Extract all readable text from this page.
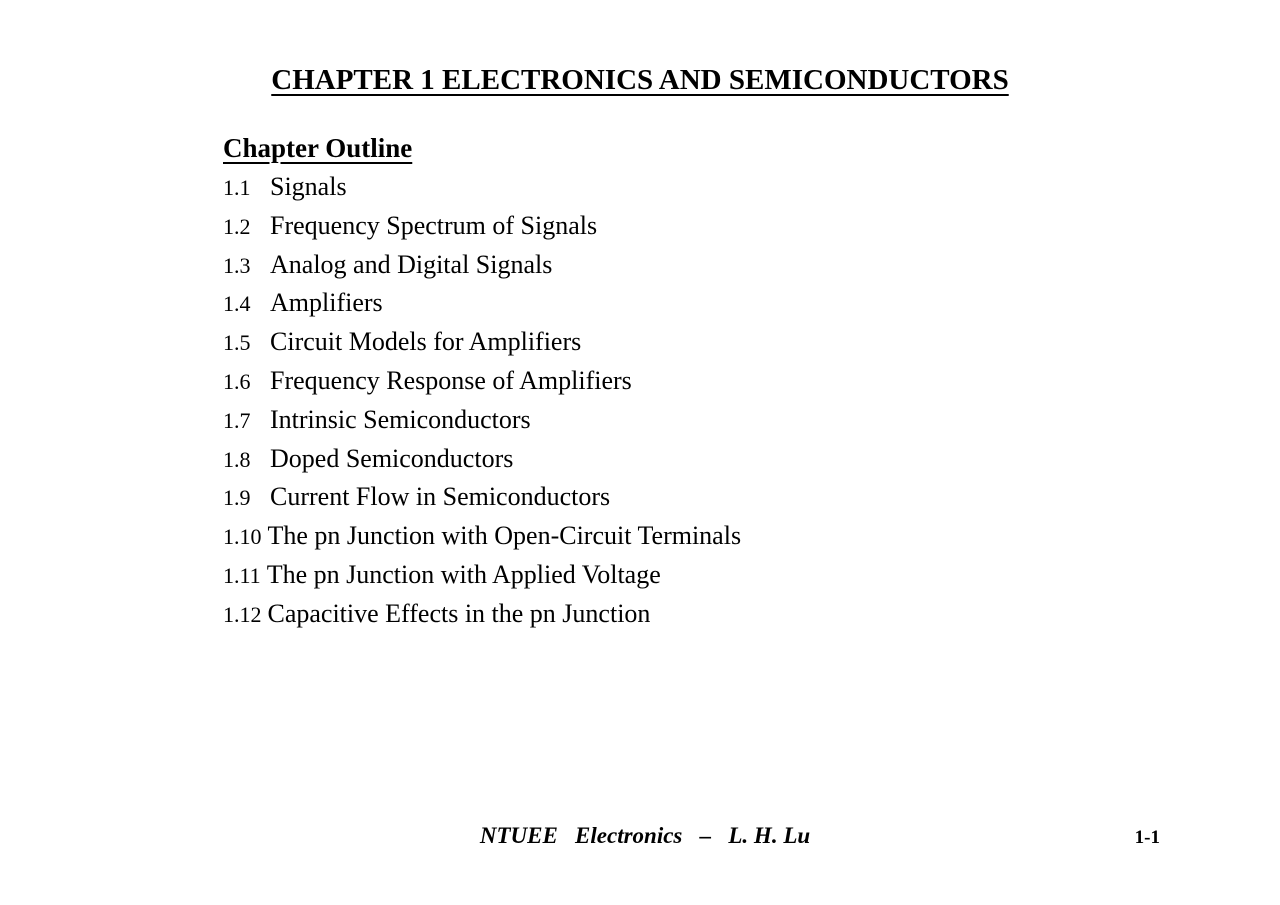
CHAPTER 1 ELECTRONICS AND SEMICONDUCTORS
Chapter Outline
1.1 Signals
1.2 Frequency Spectrum of Signals
1.3 Analog and Digital Signals
1.4 Amplifiers
1.5 Circuit Models for Amplifiers
1.6 Frequency Response of Amplifiers
1.7 Intrinsic Semiconductors
1.8 Doped Semiconductors
1.9 Current Flow in Semiconductors
1.10 The pn Junction with Open-Circuit Terminals
1.11 The pn Junction with Applied Voltage
1.12 Capacitive Effects in the pn Junction
NTUEE   Electronics   –   L. H. Lu	1-1
